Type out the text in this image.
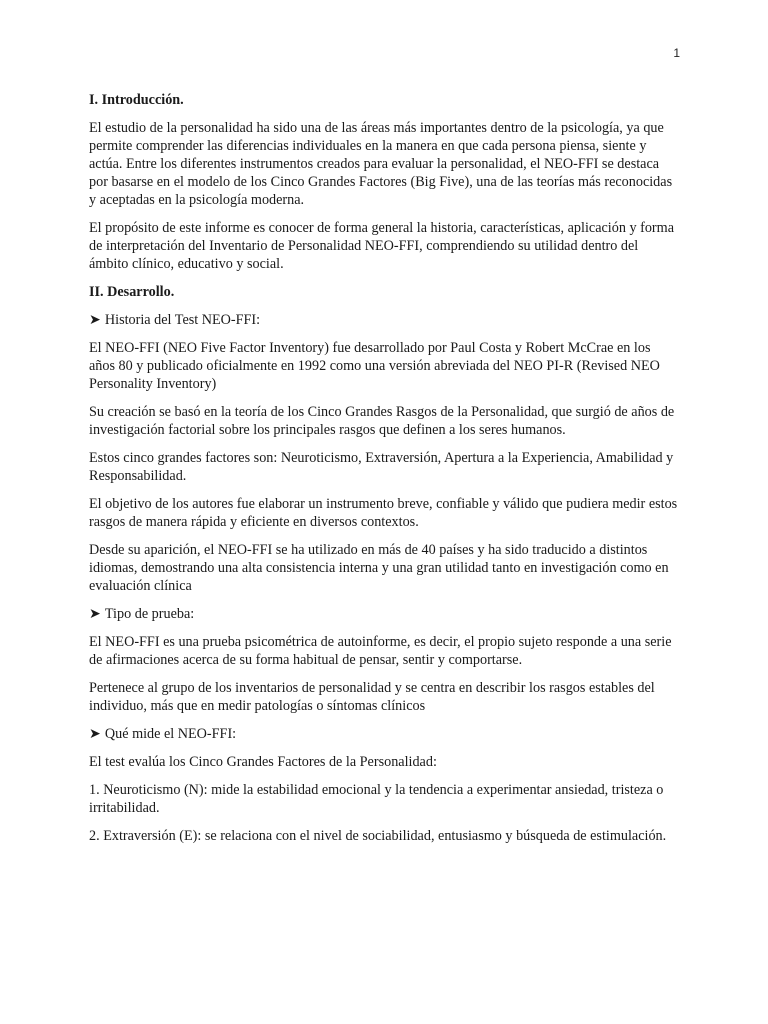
1
I. Introducción.

El estudio de la personalidad ha sido una de las áreas más importantes dentro de la psicología, ya que permite comprender las diferencias individuales en la manera en que cada persona piensa, siente y actúa. Entre los diferentes instrumentos creados para evaluar la personalidad, el NEO-FFI se destaca por basarse en el modelo de los Cinco Grandes Factores (Big Five), una de las teorías más reconocidas y aceptadas en la psicología moderna.

El propósito de este informe es conocer de forma general la historia, características, aplicación y forma de interpretación del Inventario de Personalidad NEO-FFI, comprendiendo su utilidad dentro del ámbito clínico, educativo y social.

II. Desarrollo.
➤ Historia del Test NEO-FFI:

El NEO-FFI (NEO Five Factor Inventory) fue desarrollado por Paul Costa y Robert McCrae en los años 80 y publicado oficialmente en 1992 como una versión abreviada del NEO PI-R (Revised NEO Personality Inventory)

Su creación se basó en la teoría de los Cinco Grandes Rasgos de la Personalidad, que surgió de años de investigación factorial sobre los principales rasgos que definen a los seres humanos.

Estos cinco grandes factores son: Neuroticismo, Extraversión, Apertura a la Experiencia, Amabilidad y Responsabilidad.

El objetivo de los autores fue elaborar un instrumento breve, confiable y válido que pudiera medir estos rasgos de manera rápida y eficiente en diversos contextos.

Desde su aparición, el NEO-FFI se ha utilizado en más de 40 países y ha sido traducido a distintos idiomas, demostrando una alta consistencia interna y una gran utilidad tanto en investigación como en evaluación clínica

➤ Tipo de prueba:

El NEO-FFI es una prueba psicométrica de autoinforme, es decir, el propio sujeto responde a una serie de afirmaciones acerca de su forma habitual de pensar, sentir y comportarse.

Pertenece al grupo de los inventarios de personalidad y se centra en describir los rasgos estables del individuo, más que en medir patologías o síntomas clínicos

➤ Qué mide el NEO-FFI:

El test evalúa los Cinco Grandes Factores de la Personalidad:

1. Neuroticismo (N): mide la estabilidad emocional y la tendencia a experimentar ansiedad, tristeza o irritabilidad.

2. Extraversión (E): se relaciona con el nivel de sociabilidad, entusiasmo y búsqueda de estimulación.
